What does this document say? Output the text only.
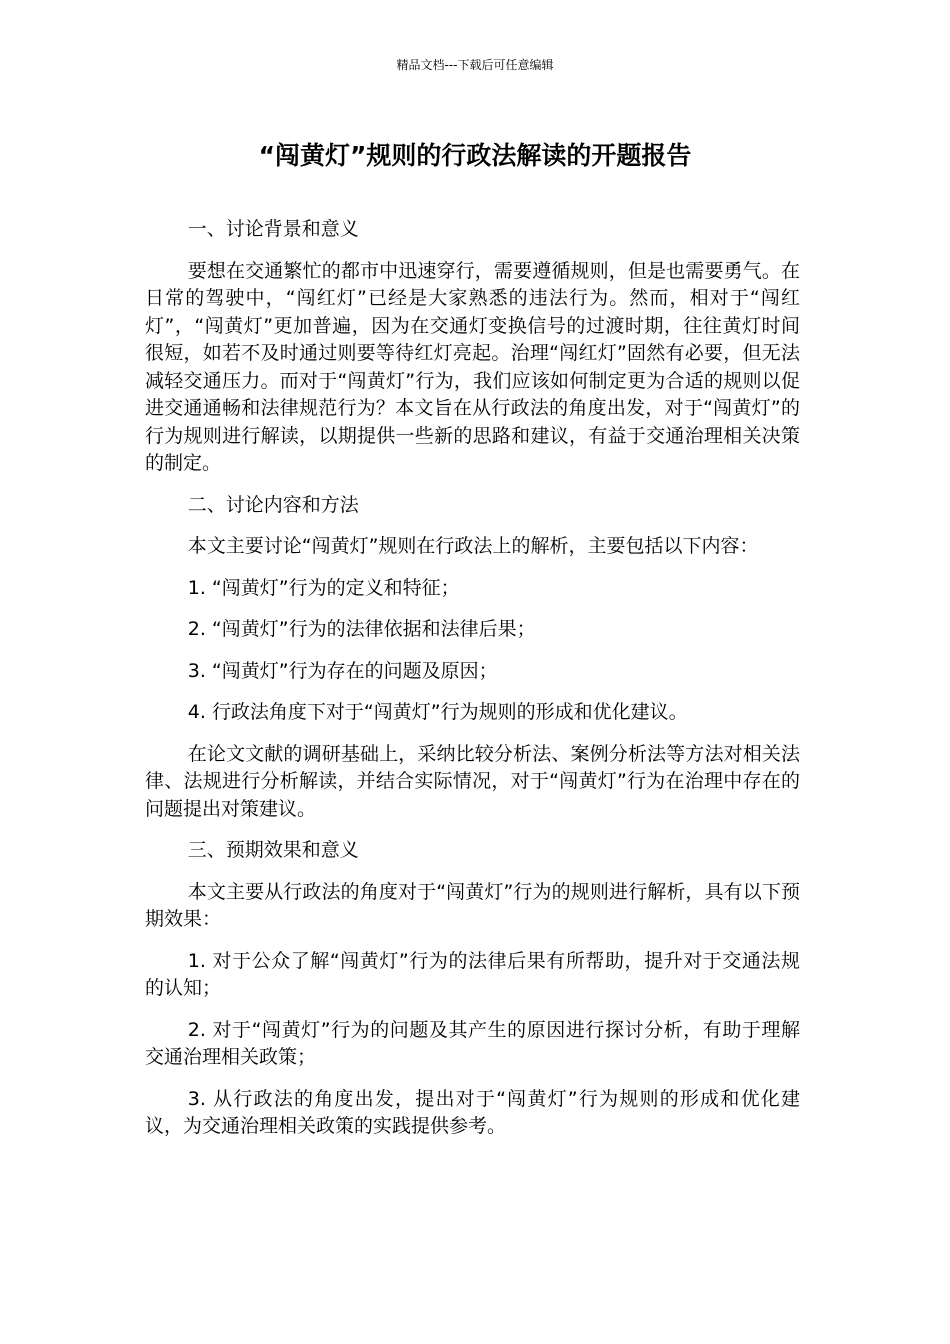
精品文档---下载后可任意编辑
“闯黄灯”规则的行政法解读的开题报告

一、讨论背景和意义

要想在交通繁忙的都市中迅速穿行，需要遵循规则，但是也需要勇气。在日常的驾驶中，“闯红灯”已经是大家熟悉的违法行为。然而，相对于“闯红灯”，“闯黄灯”更加普遍，因为在交通灯变换信号的过渡时期，往往黄灯时间很短，如若不及时通过则要等待红灯亮起。治理“闯红灯”固然有必要，但无法减轻交通压力。而对于“闯黄灯”行为，我们应该如何制定更为合适的规则以促进交通通畅和法律规范行为？本文旨在从行政法的角度出发，对于“闯黄灯”的行为规则进行解读，以期提供一些新的思路和建议，有益于交通治理相关决策的制定。

二、讨论内容和方法

本文主要讨论“闯黄灯”规则在行政法上的解析，主要包括以下内容：

1. “闯黄灯”行为的定义和特征；

2. “闯黄灯”行为的法律依据和法律后果；

3. “闯黄灯”行为存在的问题及原因；

4. 行政法角度下对于“闯黄灯”行为规则的形成和优化建议。

在论文文献的调研基础上，采纳比较分析法、案例分析法等方法对相关法律、法规进行分析解读，并结合实际情况，对于“闯黄灯”行为在治理中存在的问题提出对策建议。

三、预期效果和意义

本文主要从行政法的角度对于“闯黄灯”行为的规则进行解析，具有以下预期效果：

1. 对于公众了解“闯黄灯”行为的法律后果有所帮助，提升对于交通法规的认知；

2. 对于“闯黄灯”行为的问题及其产生的原因进行探讨分析，有助于理解交通治理相关政策；

3. 从行政法的角度出发，提出对于“闯黄灯”行为规则的形成和优化建议，为交通治理相关政策的实践提供参考。
